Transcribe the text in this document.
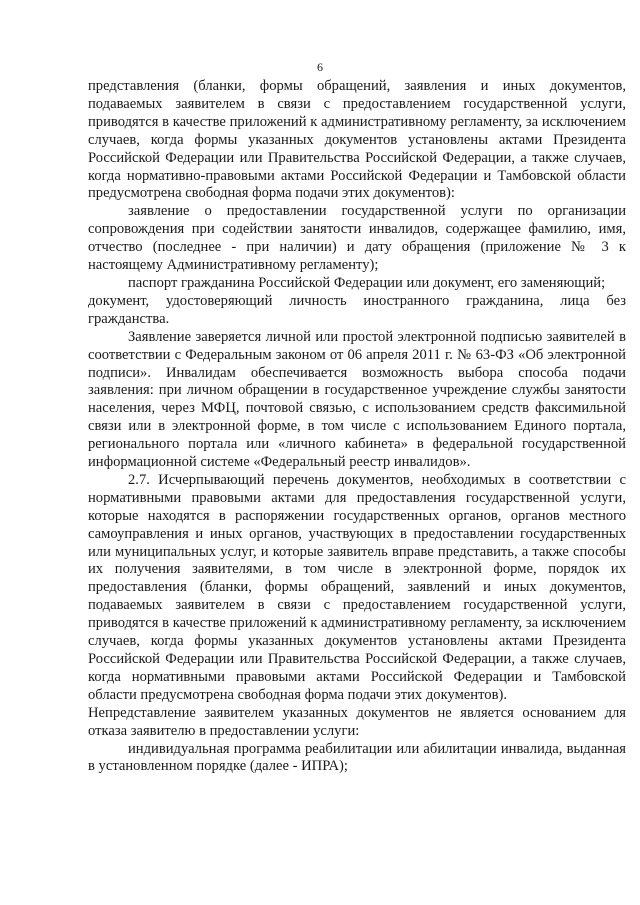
6

представления (бланки, формы обращений, заявления и иных документов, подаваемых заявителем в связи с предоставлением государственной услуги, приводятся в качестве приложений к административному регламенту, за исключением случаев, когда формы указанных документов установлены актами Президента Российской Федерации или Правительства Российской Федерации, а также случаев, когда нормативно-правовыми актами Российской Федерации и Тамбовской области предусмотрена свободная форма подачи этих документов):

заявление о предоставлении государственной услуги по организации сопровождения при содействии занятости инвалидов, содержащее фамилию, имя, отчество (последнее - при наличии) и дату обращения (приложение № 3 к настоящему Административному регламенту);

паспорт гражданина Российской Федерации или документ, его заменяющий;

документ, удостоверяющий личность иностранного гражданина, лица без гражданства.

Заявление заверяется личной или простой электронной подписью заявителей в соответствии с Федеральным законом от 06 апреля 2011 г. № 63-ФЗ «Об электронной подписи». Инвалидам обеспечивается возможность выбора способа подачи заявления: при личном обращении в государственное учреждение службы занятости населения, через МФЦ, почтовой связью, с использованием средств факсимильной связи или в электронной форме, в том числе с использованием Единого портала, регионального портала или «личного кабинета» в федеральной государственной информационной системе «Федеральный реестр инвалидов».

2.7. Исчерпывающий перечень документов, необходимых в соответствии с нормативными правовыми актами для предоставления государственной услуги, которые находятся в распоряжении государственных органов, органов местного самоуправления и иных органов, участвующих в предоставлении государственных или муниципальных услуг, и которые заявитель вправе представить, а также способы их получения заявителями, в том числе в электронной форме, порядок их предоставления (бланки, формы обращений, заявлений и иных документов, подаваемых заявителем в связи с предоставлением государственной услуги, приводятся в качестве приложений к административному регламенту, за исключением случаев, когда формы указанных документов установлены актами Президента Российской Федерации или Правительства Российской Федерации, а также случаев, когда нормативными правовыми актами Российской Федерации и Тамбовской области предусмотрена свободная форма подачи этих документов).

Непредставление заявителем указанных документов не является основанием для отказа заявителю в предоставлении услуги:

индивидуальная программа реабилитации или абилитации инвалида, выданная в установленном порядке (далее - ИПРА);
